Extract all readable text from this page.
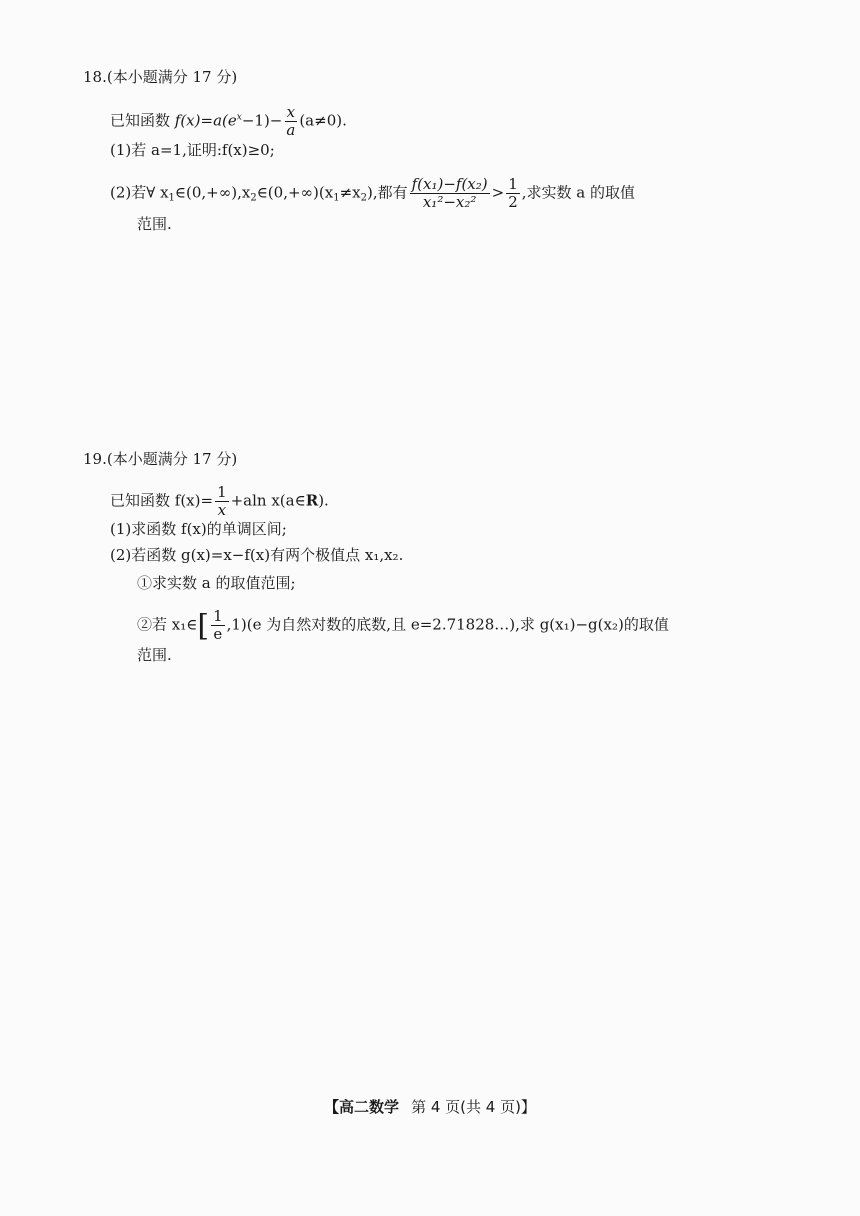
18.(本小题满分 17 分)
已知函数 $f(x)=a(e^x-1)- \frac{x}{a} (a\ne 0)$.
(1)若 a=1,证明:f(x)≥0;
(2)若∀ $x_1\in(0,+\infty),x_2\in(0,+\infty)(x_1\ne x_2)$,都有 $\frac{\text{f(x₁)−f(x₂)}}{\text{x₁²−x₂²}} > \frac{1}{2}$ ,求实数 a 的取值
范围.
19.(本小题满分 17 分)
已知函数 $f(x)= \frac{1}{x} +aln$ x(a∈R).
(1)求函数 f(x)的单调区间;
(2)若函数 g(x)=x−f(x)有两个极值点 x₁,x₂.
①求实数 a 的取值范围;
②若 x₁∈[ $\frac{1}{e} ,1)(e$ 为自然对数的底数,且 e=2.71828…),求 g(x₁)−g(x₂)的取值
范围.
【高二数学 第 4 页(共 4 页)】
